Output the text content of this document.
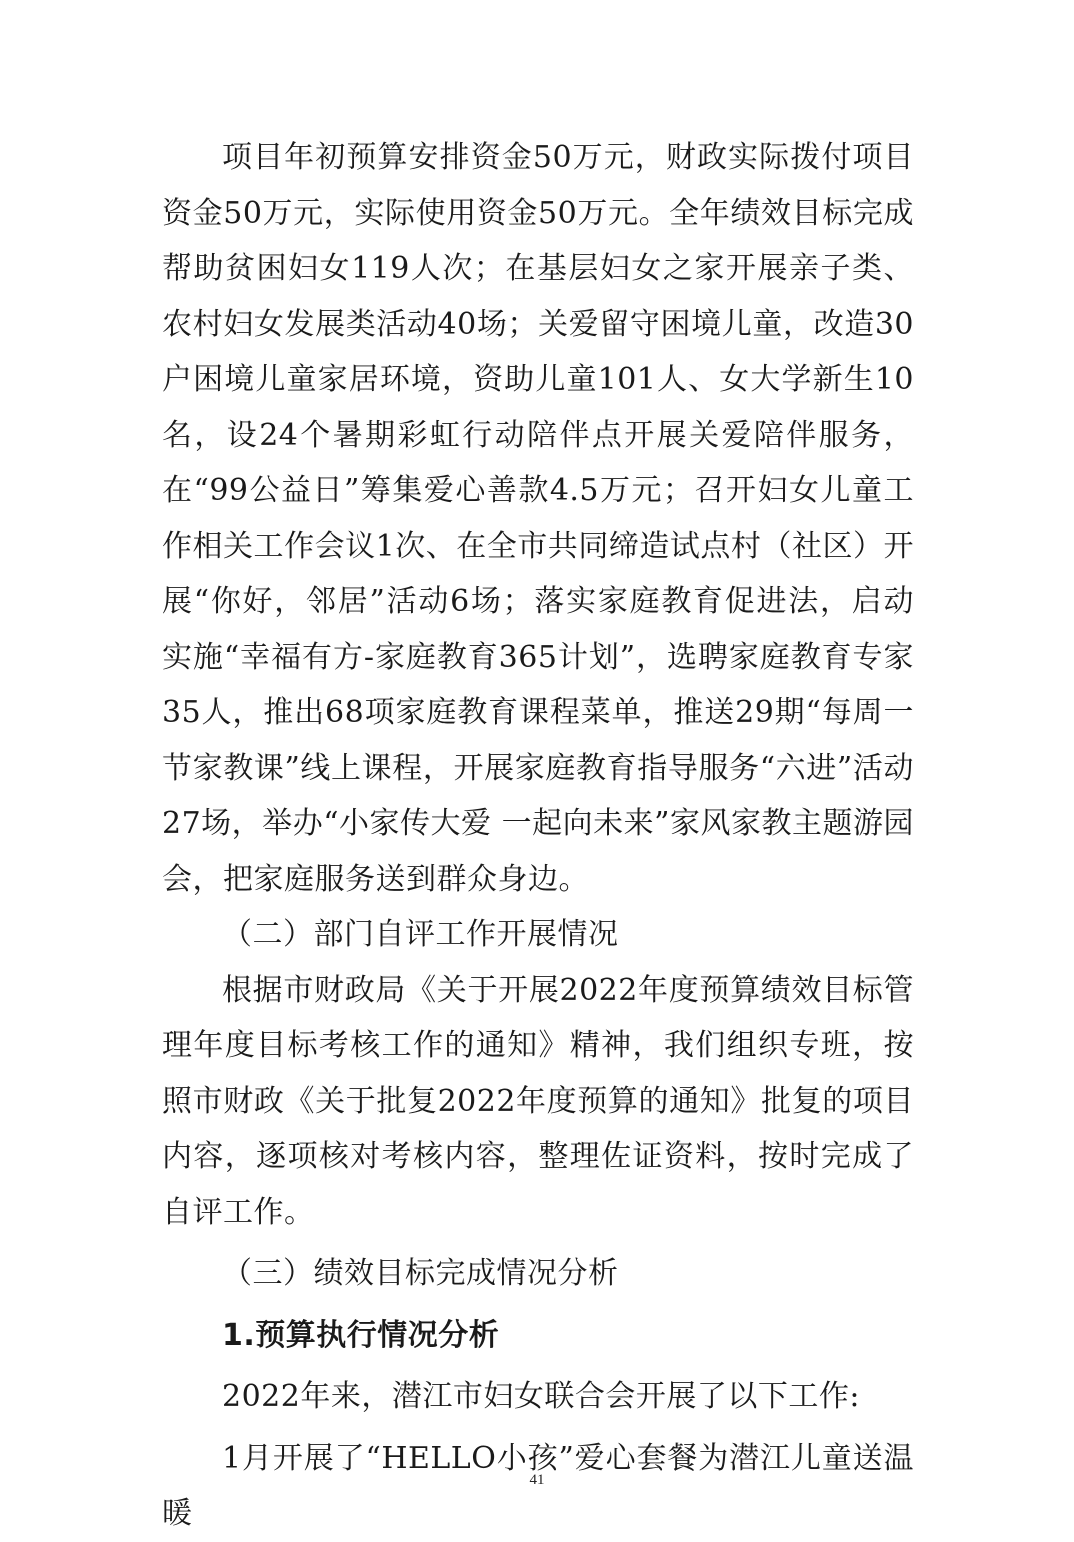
项目年初预算安排资金50万元，财政实际拨付项目资金50万元，实际使用资金50万元。全年绩效目标完成帮助贫困妇女119人次；在基层妇女之家开展亲子类、农村妇女发展类活动40场；关爱留守困境儿童，改造30户困境儿童家居环境，资助儿童101人、女大学新生10名，设24个暑期彩虹行动陪伴点开展关爱陪伴服务，在“99公益日”筹集爱心善款4.5万元；召开妇女儿童工作相关工作会议1次、在全市共同缔造试点村（社区）开展“你好，邻居”活动6场；落实家庭教育促进法，启动实施“幸福有方-家庭教育365计划”，选聘家庭教育专家35人，推出68项家庭教育课程菜单，推送29期“每周一节家教课”线上课程，开展家庭教育指导服务“六进”活动27场，举办“小家传大爱 一起向未来”家风家教主题游园会，把家庭服务送到群众身边。

（二）部门自评工作开展情况

根据市财政局《关于开展2022年度预算绩效目标管理年度目标考核工作的通知》精神，我们组织专班，按照市财政《关于批复2022年度预算的通知》批复的项目内容，逐项核对考核内容，整理佐证资料，按时完成了自评工作。

（三）绩效目标完成情况分析

1.预算执行情况分析

2022年来，潜江市妇女联合会开展了以下工作:

1月开展了“HELLO小孩”爱心套餐为潜江儿童送温暖

41
